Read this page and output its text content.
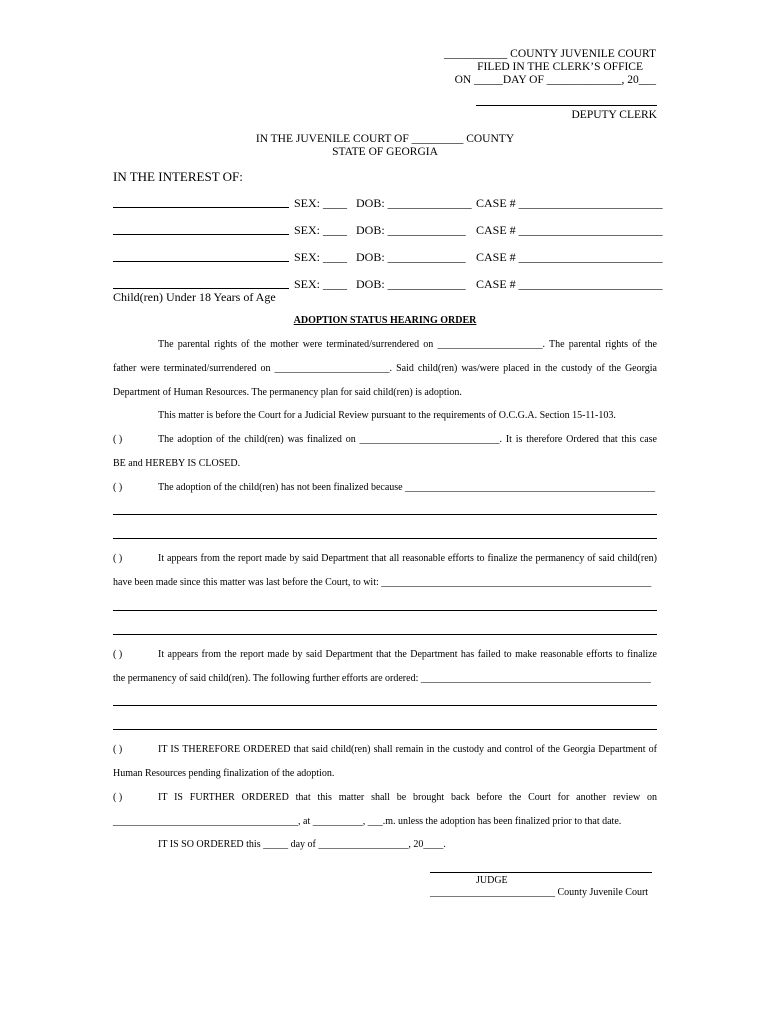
___________ COUNTY JUVENILE COURT
FILED IN THE CLERK’S OFFICE
ON _____DAY OF _____________, 20___
DEPUTY CLERK
IN THE JUVENILE COURT OF _________ COUNTY
STATE OF GEORGIA
IN THE INTEREST OF:
SEX: ____ DOB: ______________ CASE # ________________________
SEX: ____ DOB: _____________ CASE # ________________________
SEX: ____ DOB: _____________ CASE # ________________________
SEX: ____ DOB: _____________ CASE # ________________________
Child(ren) Under 18 Years of Age
ADOPTION STATUS HEARING ORDER
The parental rights of the mother were terminated/surrendered on _____________________. The parental rights of the
father were terminated/surrendered on _______________________. Said child(ren) was/were placed in the custody of the Georgia
Department of Human Resources. The permanency plan for said child(ren) is adoption.
This matter is before the Court for a Judicial Review pursuant to the requirements of O.C.G.A. Section 15-11-103.
( )	The adoption of the child(ren) was finalized on ____________________________. It is therefore Ordered that this case
BE and HEREBY IS CLOSED.
( )	The adoption of the child(ren) has not been finalized because __________________________________________________
( )	It appears from the report made by said Department that all reasonable efforts to finalize the permanency of said child(ren)
have been made since this matter was last before the Court, to wit: ______________________________________________________
( )	It appears from the report made by said Department that the Department has failed to make reasonable efforts to finalize
the permanency of said child(ren). The following further efforts are ordered: ______________________________________________
( )	IT IS THEREFORE ORDERED that said child(ren) shall remain in the custody and control of the Georgia Department of
Human Resources pending finalization of the adoption.
( )	IT IS FURTHER ORDERED that this matter shall be brought back before the Court for another review on
_____________________________________, at __________, ___.m. unless the adoption has been finalized prior to that date.
IT IS SO ORDERED this _____ day of __________________, 20____.
JUDGE
_________________________ County Juvenile Court
